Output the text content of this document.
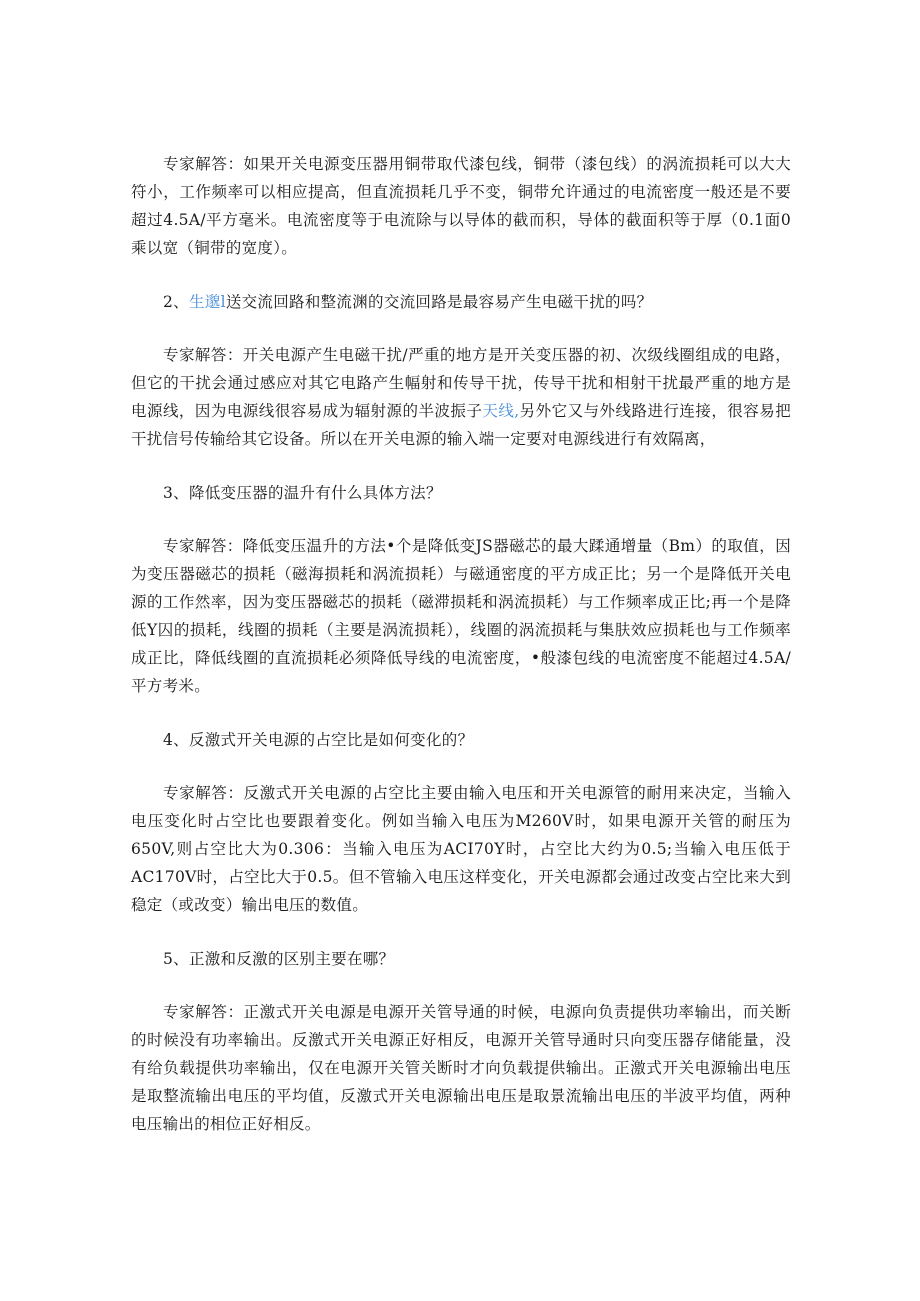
专家解答：如果开关电源变压器用铜带取代漆包线，铜带（漆包线）的涡流损耗可以大大符小，工作频率可以相应提高，但直流损耗几乎不变，铜带允许通过的电流密度一般还是不要超过4.5A/平方毫米。电流密度等于电流除与以导体的截而积，导体的截面积等于厚（0.1面0乘以宽（铜带的宽度）。

2、生邈l送交流回路和整流渊的交流回路是最容易产生电磁干扰的吗？

专家解答：开关电源产生电磁干扰/严重的地方是开关变压器的初、次级线圈组成的电路，但它的干扰会通过感应对其它电路产生幅射和传导干扰，传导干扰和相射干扰最严重的地方是电源线，因为电源线很容易成为辐射源的半波振子天线,另外它又与外线路进行连接，很容易把干扰信号传输给其它设备。所以在开关电源的输入端一定要对电源线进行有效隔离，

3、降低变压器的温升有什么具体方法？

专家解答：降低变压温升的方法•个是降低变JS器磁芯的最大蹂通增量（Bm）的取值，因为变压器磁芯的损耗（磁海损耗和涡流损耗）与磁通密度的平方成正比；另一个是降低开关电源的工作然率，因为变压器磁芯的损耗（磁滞损耗和涡流损耗）与工作频率成正比;再一个是降低Y囚的损耗，线圈的损耗（主要是涡流损耗），线圈的涡流损耗与集肤效应损耗也与工作频率成正比，降低线圈的直流损耗必须降低导线的电流密度，•般漆包线的电流密度不能超过4.5A/平方考米。

4、反激式开关电源的占空比是如何变化的？

专家解答：反激式开关电源的占空比主要由输入电压和开关电源管的耐用来决定，当输入电压变化时占空比也要跟着变化。例如当输入电压为M260V时，如果电源开关管的耐压为650V,则占空比大为0.306：当输入电压为ACI70Y时，占空比大约为0.5;当输入电压低于AC170V时，占空比大于0.5。但不管输入电压这样变化，开关电源都会通过改变占空比来大到稳定（或改变）输出电压的数值。

5、正激和反激的区别主要在哪？

专家解答：正激式开关电源是电源开关管导通的时候，电源向负责提供功率输出，而关断的时候没有功率输出。反激式开关电源正好相反，电源开关管导通时只向变压器存储能量，没有给负载提供功率输出，仅在电源开关管关断时才向负载提供输出。正激式开关电源输出电压是取整流输出电压的平均值，反激式开关电源输出电压是取景流输出电压的半波平均值，两种电压输出的相位正好相反。
